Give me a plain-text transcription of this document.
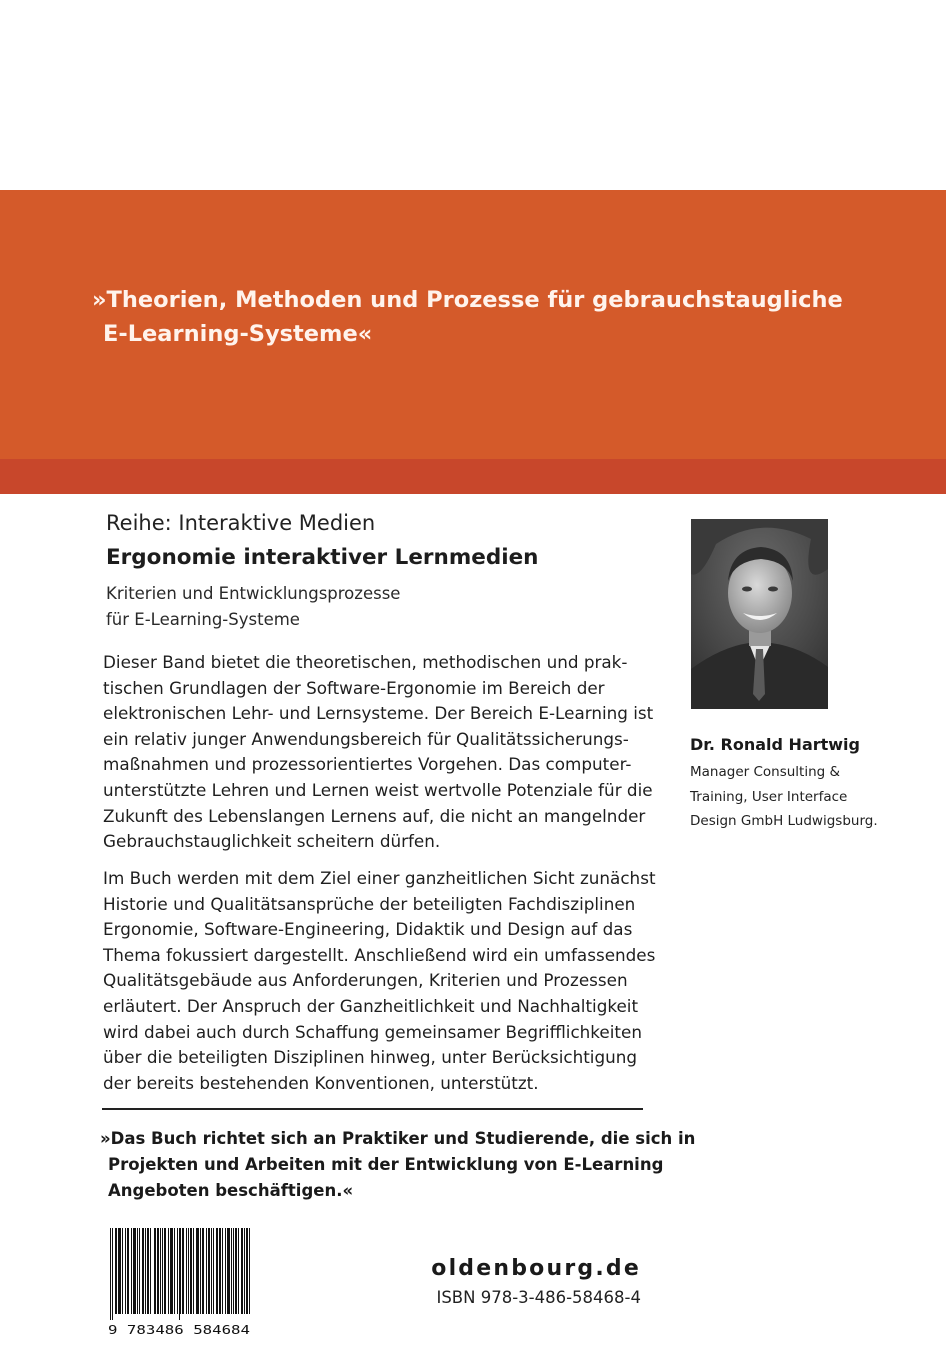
»Theorien, Methoden und Prozesse für gebrauchstaugliche
E-Learning-Systeme«
Reihe: Interaktive Medien
Ergonomie interaktiver Lernmedien
Kriterien und Entwicklungsprozesse
für E-Learning-Systeme
Dieser Band bietet die theoretischen, methodischen und prak-
tischen Grundlagen der Software-Ergonomie im Bereich der
elektronischen Lehr- und Lernsysteme. Der Bereich E-Learning ist
ein relativ junger Anwendungsbereich für Qualitätssicherungs-
maßnahmen und prozessorientiertes Vorgehen. Das computer-
unterstützte Lehren und Lernen weist wertvolle Potenziale für die
Zukunft des Lebenslangen Lernens auf, die nicht an mangelnder
Gebrauchstauglichkeit scheitern dürfen.
Im Buch werden mit dem Ziel einer ganzheitlichen Sicht zunächst
Historie und Qualitätsansprüche der beteiligten Fachdisziplinen
Ergonomie, Software-Engineering, Didaktik und Design auf das
Thema fokussiert dargestellt. Anschließend wird ein umfassendes
Qualitätsgebäude aus Anforderungen, Kriterien und Prozessen
erläutert. Der Anspruch der Ganzheitlichkeit und Nachhaltigkeit
wird dabei auch durch Schaffung gemeinsamer Begrifflichkeiten
über die beteiligten Disziplinen hinweg, unter Berücksichtigung
der bereits bestehenden Konventionen, unterstützt.
»Das Buch richtet sich an Praktiker und Studierende, die sich in
Projekten und Arbeiten mit der Entwicklung von E-Learning
Angeboten beschäftigen.«
Dr. Ronald Hartwig
Manager Consulting &
Training, User Interface
Design GmbH Ludwigsburg.
9 783486 584684
oldenbourg.de
ISBN 978-3-486-58468-4
